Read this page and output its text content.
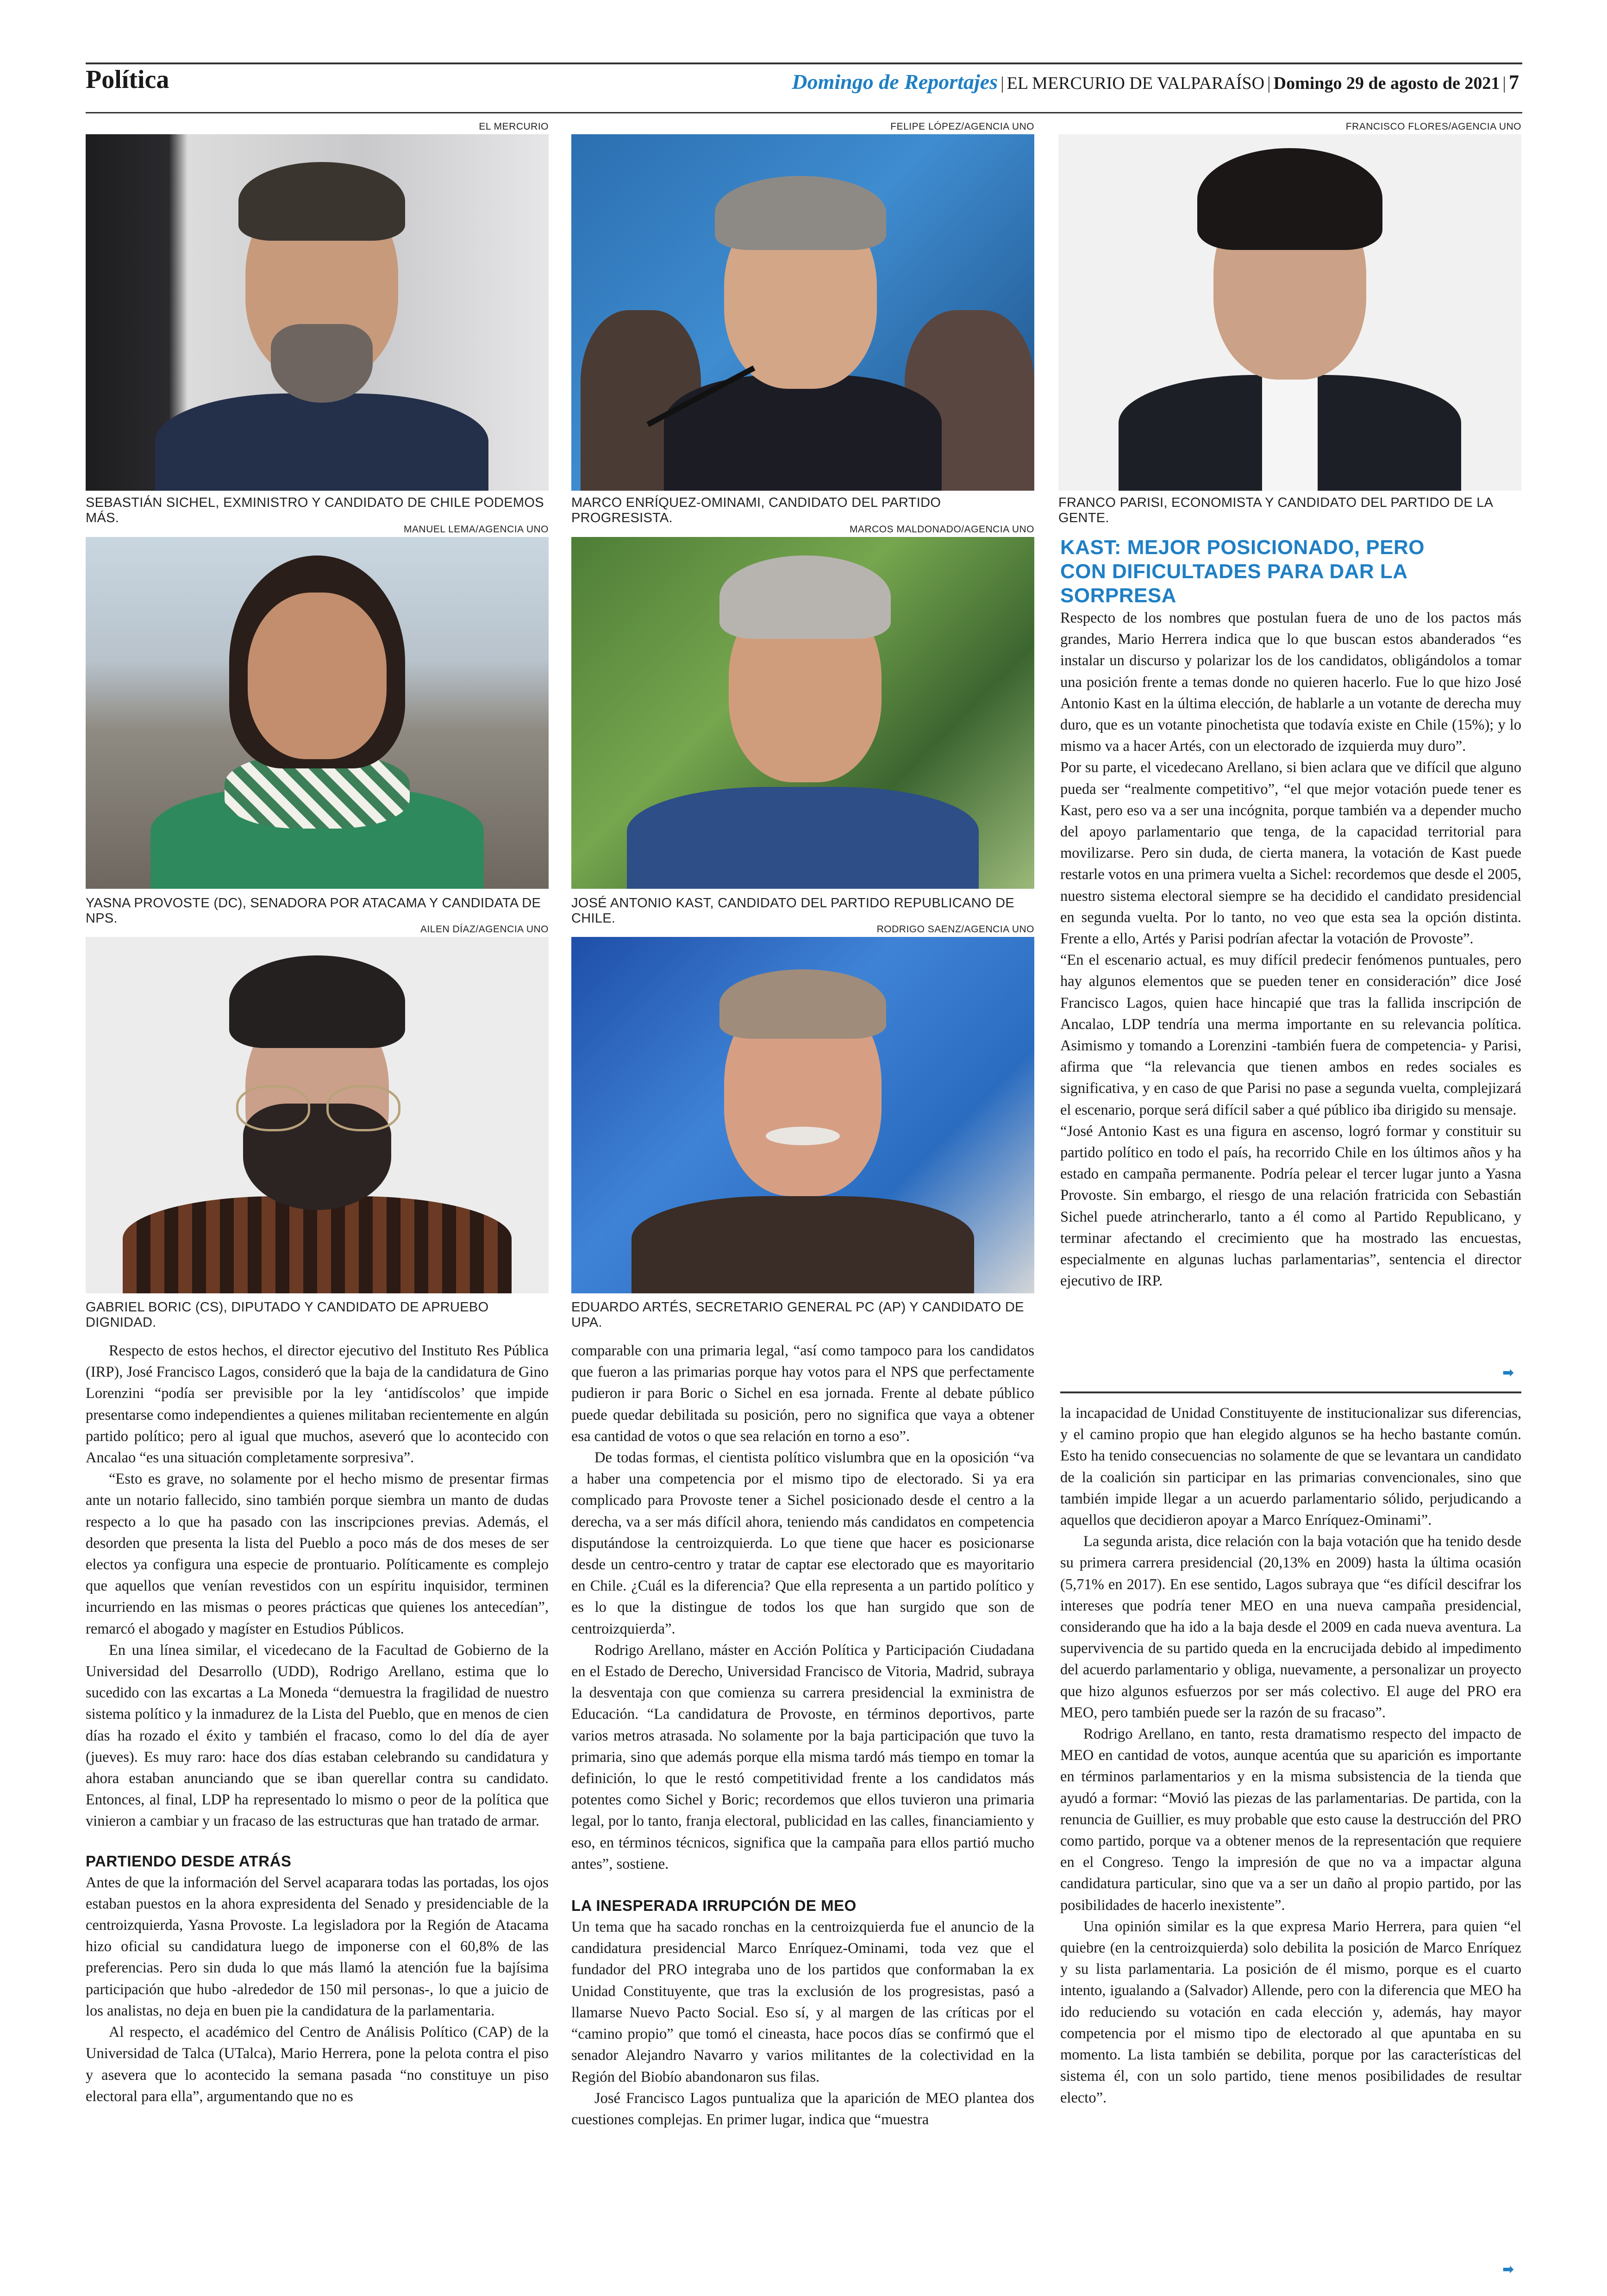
Política	Domingo de Reportajes | EL MERCURIO DE VALPARAÍSO | Domingo 29 de agosto de 2021 | 7
EL MERCURIO
SEBASTIÁN SICHEL, EXMINISTRO Y CANDIDATO DE CHILE PODEMOS MÁS.
FELIPE LÓPEZ/AGENCIA UNO
MARCO ENRÍQUEZ-OMINAMI, CANDIDATO DEL PARTIDO PROGRESISTA.
FRANCISCO FLORES/AGENCIA UNO
FRANCO PARISI, ECONOMISTA Y CANDIDATO DEL PARTIDO DE LA GENTE.
MANUEL LEMA/AGENCIA UNO
YASNA PROVOSTE (DC), SENADORA POR ATACAMA Y CANDIDATA DE NPS.
MARCOS MALDONADO/AGENCIA UNO
JOSÉ ANTONIO KAST, CANDIDATO DEL PARTIDO REPUBLICANO DE CHILE.
AILEN DÍAZ/AGENCIA UNO
GABRIEL BORIC (CS), DIPUTADO Y CANDIDATO DE APRUEBO DIGNIDAD.
RODRIGO SAENZ/AGENCIA UNO
EDUARDO ARTÉS, SECRETARIO GENERAL PC (AP) Y CANDIDATO DE UPA.
KAST: MEJOR POSICIONADO, PERO CON DIFICULTADES PARA DAR LA SORPRESA

Respecto de los nombres que postulan fuera de uno de los pactos más grandes, Mario Herrera indica que lo que buscan estos abanderados “es instalar un discurso y polarizar los de los candidatos, obligándolos a tomar una posición frente a temas donde no quieren hacerlo. Fue lo que hizo José Antonio Kast en la última elección, de hablarle a un votante de derecha muy duro, que es un votante pinochetista que todavía existe en Chile (15%); y lo mismo va a hacer Artés, con un electorado de izquierda muy duro”.

Por su parte, el vicedecano Arellano, si bien aclara que ve difícil que alguno pueda ser “realmente competitivo”, “el que mejor votación puede tener es Kast, pero eso va a ser una incógnita, porque también va a depender mucho del apoyo parlamentario que tenga, de la capacidad territorial para movilizarse. Pero sin duda, de cierta manera, la votación de Kast puede restarle votos en una primera vuelta a Sichel: recordemos que desde el 2005, nuestro sistema electoral siempre se ha decidido el candidato presidencial en segunda vuelta. Por lo tanto, no veo que esta sea la opción distinta. Frente a ello, Artés y Parisi podrían afectar la votación de Provoste”.

“En el escenario actual, es muy difícil predecir fenómenos puntuales, pero hay algunos elementos que se pueden tener en consideración” dice José Francisco Lagos, quien hace hincapié que tras la fallida inscripción de Ancalao, LDP tendría una merma importante en su relevancia política. Asimismo y tomando a Lorenzini -también fuera de competencia- y Parisi, afirma que “la relevancia que tienen ambos en redes sociales es significativa, y en caso de que Parisi no pase a segunda vuelta, complejizará el escenario, porque será difícil saber a qué público iba dirigido su mensaje.

“José Antonio Kast es una figura en ascenso, logró formar y constituir su partido político en todo el país, ha recorrido Chile en los últimos años y ha estado en campaña permanente. Podría pelear el tercer lugar junto a Yasna Provoste. Sin embargo, el riesgo de una relación fratricida con Sebastián Sichel puede atrincherarlo, tanto a él como al Partido Republicano, y terminar afectando el crecimiento que ha mostrado las encuestas, especialmente en algunas luchas parlamentarias”, sentencia el director ejecutivo de IRP.

➡

Respecto de estos hechos, el director ejecutivo del Instituto Res Pública (IRP), José Francisco Lagos, consideró que la baja de la candidatura de Gino Lorenzini “podía ser previsible por la ley ‘antidíscolos’ que impide presentarse como independientes a quienes militaban recientemente en algún partido político; pero al igual que muchos, aseveró que lo acontecido con Ancalao “es una situación completamente sorpresiva”.

“Esto es grave, no solamente por el hecho mismo de presentar firmas ante un notario fallecido, sino también porque siembra un manto de dudas respecto a lo que ha pasado con las inscripciones previas. Además, el desorden que presenta la lista del Pueblo a poco más de dos meses de ser electos ya configura una especie de prontuario. Políticamente es complejo que aquellos que venían revestidos con un espíritu inquisidor, terminen incurriendo en las mismas o peores prácticas que quienes los antecedían”, remarcó el abogado y magíster en Estudios Públicos.

En una línea similar, el vicedecano de la Facultad de Gobierno de la Universidad del Desarrollo (UDD), Rodrigo Arellano, estima que lo sucedido con las excartas a La Moneda “demuestra la fragilidad de nuestro sistema político y la inmadurez de la Lista del Pueblo, que en menos de cien días ha rozado el éxito y también el fracaso, como lo del día de ayer (jueves). Es muy raro: hace dos días estaban celebrando su candidatura y ahora estaban anunciando que se iban querellar contra su candidato. Entonces, al final, LDP ha representado lo mismo o peor de la política que vinieron a cambiar y un fracaso de las estructuras que han tratado de armar.

PARTIENDO DESDE ATRÁS

Antes de que la información del Servel acaparara todas las portadas, los ojos estaban puestos en la ahora expresidenta del Senado y presidenciable de la centroizquierda, Yasna Provoste. La legisladora por la Región de Atacama hizo oficial su candidatura luego de imponerse con el 60,8% de las preferencias. Pero sin duda lo que más llamó la atención fue la bajísima participación que hubo -alrededor de 150 mil personas-, lo que a juicio de los analistas, no deja en buen pie la candidatura de la parlamentaria.

Al respecto, el académico del Centro de Análisis Político (CAP) de la Universidad de Talca (UTalca), Mario Herrera, pone la pelota contra el piso y asevera que lo acontecido la semana pasada “no constituye un piso electoral para ella”, argumentando que no es

comparable con una primaria legal, “así como tampoco para los candidatos que fueron a las primarias porque hay votos para el NPS que perfectamente pudieron ir para Boric o Sichel en esa jornada. Frente al debate público puede quedar debilitada su posición, pero no significa que vaya a obtener esa cantidad de votos o que sea relación en torno a eso”.

De todas formas, el cientista político vislumbra que en la oposición “va a haber una competencia por el mismo tipo de electorado. Si ya era complicado para Provoste tener a Sichel posicionado desde el centro a la derecha, va a ser más difícil ahora, teniendo más candidatos en competencia disputándose la centroizquierda. Lo que tiene que hacer es posicionarse desde un centro-centro y tratar de captar ese electorado que es mayoritario en Chile. ¿Cuál es la diferencia? Que ella representa a un partido político y es lo que la distingue de todos los que han surgido que son de centroizquierda”.

Rodrigo Arellano, máster en Acción Política y Participación Ciudadana en el Estado de Derecho, Universidad Francisco de Vitoria, Madrid, subraya la desventaja con que comienza su carrera presidencial la exministra de Educación. “La candidatura de Provoste, en términos deportivos, parte varios metros atrasada. No solamente por la baja participación que tuvo la primaria, sino que además porque ella misma tardó más tiempo en tomar la definición, lo que le restó competitividad frente a los candidatos más potentes como Sichel y Boric; recordemos que ellos tuvieron una primaria legal, por lo tanto, franja electoral, publicidad en las calles, financiamiento y eso, en términos técnicos, significa que la campaña para ellos partió mucho antes”, sostiene.

LA INESPERADA IRRUPCIÓN DE MEO

Un tema que ha sacado ronchas en la centroizquierda fue el anuncio de la candidatura presidencial Marco Enríquez-Ominami, toda vez que el fundador del PRO integraba uno de los partidos que conformaban la ex Unidad Constituyente, que tras la exclusión de los progresistas, pasó a llamarse Nuevo Pacto Social. Eso sí, y al margen de las críticas por el “camino propio” que tomó el cineasta, hace pocos días se confirmó que el senador Alejandro Navarro y varios militantes de la colectividad en la Región del Biobío abandonaron sus filas.

José Francisco Lagos puntualiza que la aparición de MEO plantea dos cuestiones complejas. En primer lugar, indica que “muestra

la incapacidad de Unidad Constituyente de institucionalizar sus diferencias, y el camino propio que han elegido algunos se ha hecho bastante común. Esto ha tenido consecuencias no solamente de que se levantara un candidato de la coalición sin participar en las primarias convencionales, sino que también impide llegar a un acuerdo parlamentario sólido, perjudicando a aquellos que decidieron apoyar a Marco Enríquez-Ominami”.

La segunda arista, dice relación con la baja votación que ha tenido desde su primera carrera presidencial (20,13% en 2009) hasta la última ocasión (5,71% en 2017). En ese sentido, Lagos subraya que “es difícil descifrar los intereses que podría tener MEO en una nueva campaña presidencial, considerando que ha ido a la baja desde el 2009 en cada nueva aventura. La supervivencia de su partido queda en la encrucijada debido al impedimento del acuerdo parlamentario y obliga, nuevamente, a personalizar un proyecto que hizo algunos esfuerzos por ser más colectivo. El auge del PRO era MEO, pero también puede ser la razón de su fracaso”.

Rodrigo Arellano, en tanto, resta dramatismo respecto del impacto de MEO en cantidad de votos, aunque acentúa que su aparición es importante en términos parlamentarios y en la misma subsistencia de la tienda que ayudó a formar: “Movió las piezas de las parlamentarias. De partida, con la renuncia de Guillier, es muy probable que esto cause la destrucción del PRO como partido, porque va a obtener menos de la representación que requiere en el Congreso. Tengo la impresión de que no va a impactar alguna candidatura particular, sino que va a ser un daño al propio partido, por las posibilidades de hacerlo inexistente”.

Una opinión similar es la que expresa Mario Herrera, para quien “el quiebre (en la centroizquierda) solo debilita la posición de Marco Enríquez y su lista parlamentaria. La posición de él mismo, porque es el cuarto intento, igualando a (Salvador) Allende, pero con la diferencia que MEO ha ido reduciendo su votación en cada elección y, además, hay mayor competencia por el mismo tipo de electorado al que apuntaba en su momento. La lista también se debilita, porque por las características del sistema él, con un solo partido, tiene menos posibilidades de resultar electo”.

➡
